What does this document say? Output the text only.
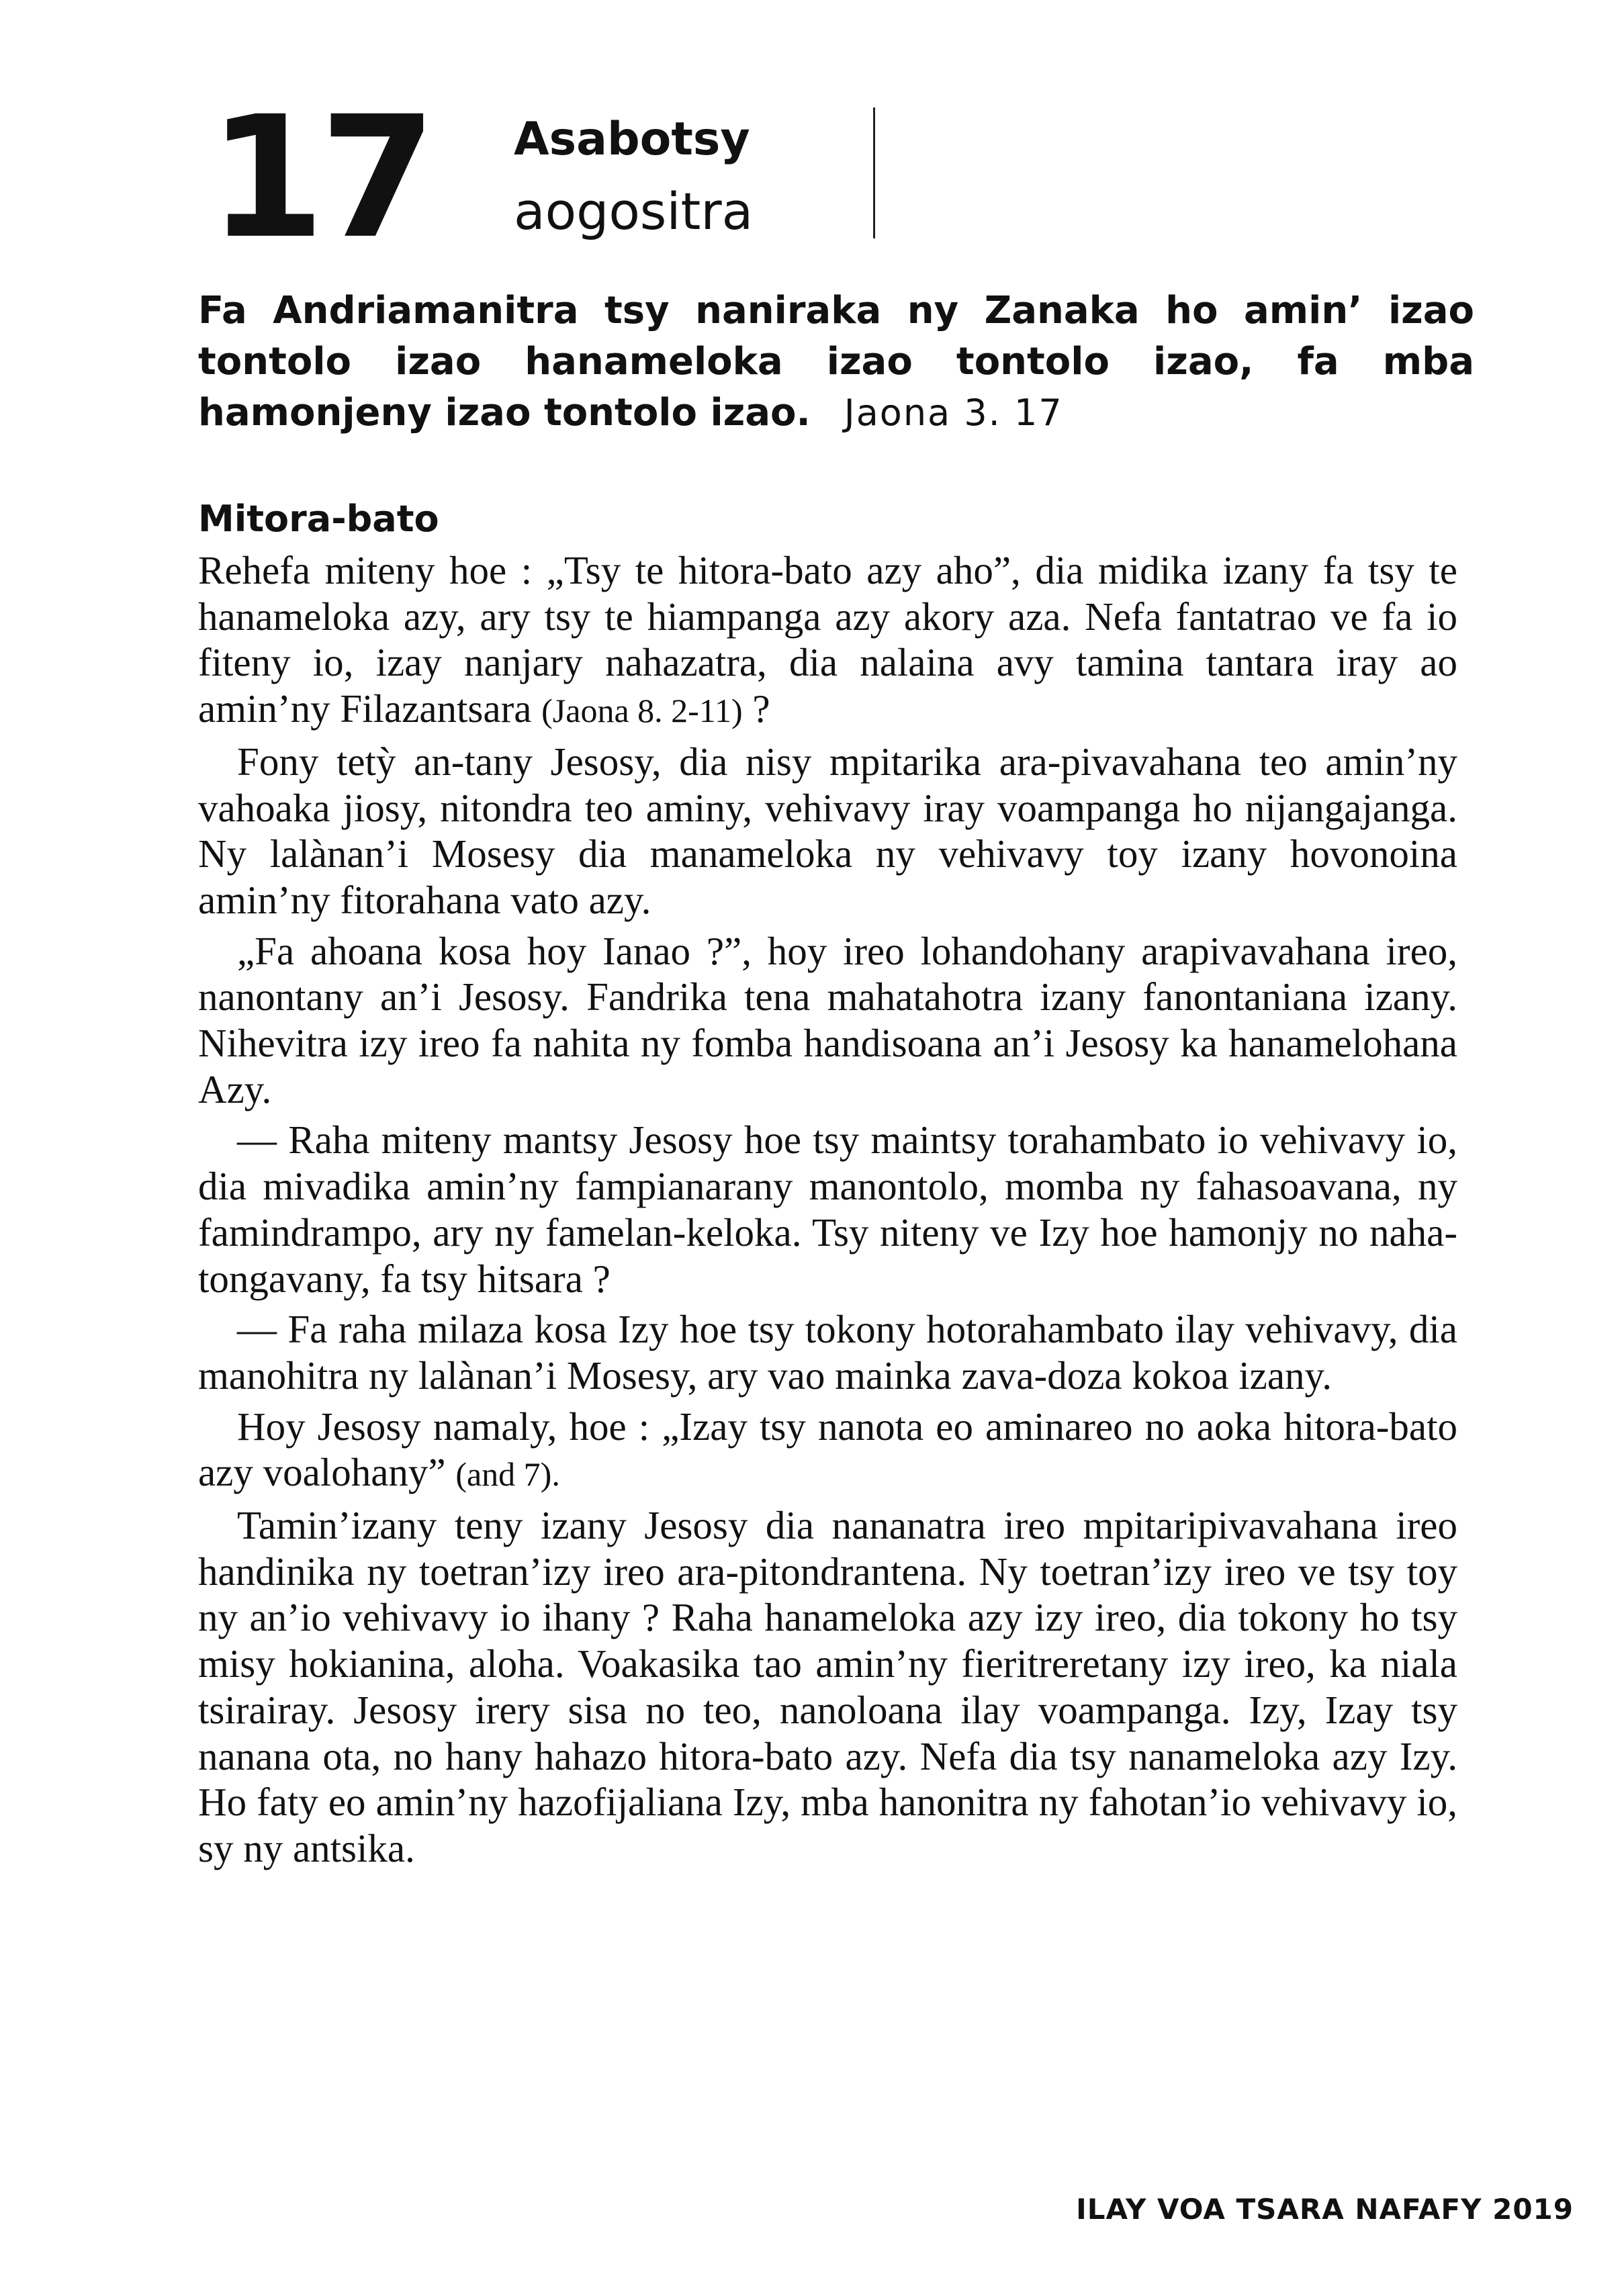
17 Asabotsy
aogositra
Fa Andriamanitra tsy naniraka ny Zanaka ho amin’ izao tontolo izao hanameloka izao tontolo izao, fa mba hamonjeny izao tontolo izao. Jaona 3. 17
Mitora-bato

Rehefa miteny hoe : „Tsy te hitora-bato azy aho”, dia midika izany fa tsy te hanameloka azy, ary tsy te hiampanga azy akory aza. Nefa fantatrao ve fa io fiteny io, izay nanjary nahazatra, dia nalaina avy tamina tantara iray ao amin’ny Filazantsara (Jaona 8. 2-11) ?

Fony tetỳ an-tany Jesosy, dia nisy mpitarika ara-pivavahana teo amin’ny vahoaka jiosy, nitondra teo aminy, vehivavy iray voampanga ho nijangajanga. Ny lalànan’i Mosesy dia manameloka ny vehivavy toy izany hovonoina amin’ny fitorahana vato azy.

„Fa ahoana kosa hoy Ianao ?”, hoy ireo lohandohany arapivavahana ireo, nanontany an’i Jesosy. Fandrika tena mahatahotra izany fanontaniana izany. Nihevitra izy ireo fa nahita ny fomba handisoana an’i Jesosy ka hanamelohana Azy.

— Raha miteny mantsy Jesosy hoe tsy maintsy torahambato io vehivavy io, dia mivadika amin’ny fampianarany manontolo, momba ny fahasoavana, ny famindrampo, ary ny famelan-keloka. Tsy niteny ve Izy hoe hamonjy no nahatongavany, fa tsy hitsara ?

— Fa raha milaza kosa Izy hoe tsy tokony hotorahambato ilay vehivavy, dia manohitra ny lalànan’i Mosesy, ary vao mainka zava-doza kokoa izany.

Hoy Jesosy namaly, hoe : „Izay tsy nanota eo aminareo no aoka hitora-bato azy voalohany” (and 7).

Tamin’izany teny izany Jesosy dia nananatra ireo mpitaripivavahana ireo handinika ny toetran’izy ireo ara-pitondrantena. Ny toetran’izy ireo ve tsy toy ny an’io vehivavy io ihany ? Raha hanameloka azy izy ireo, dia tokony ho tsy misy hokianina, aloha. Voakasika tao amin’ny fieritreretany izy ireo, ka niala tsirairay. Jesosy irery sisa no teo, nanoloana ilay voampanga. Izy, Izay tsy nanana ota, no hany hahazo hitora-bato azy. Nefa dia tsy nanameloka azy Izy. Ho faty eo amin’ny hazofijaliana Izy, mba hanonitra ny fahotan’io vehivavy io, sy ny antsika.

ILAY VOA TSARA NAFAFY 2019
